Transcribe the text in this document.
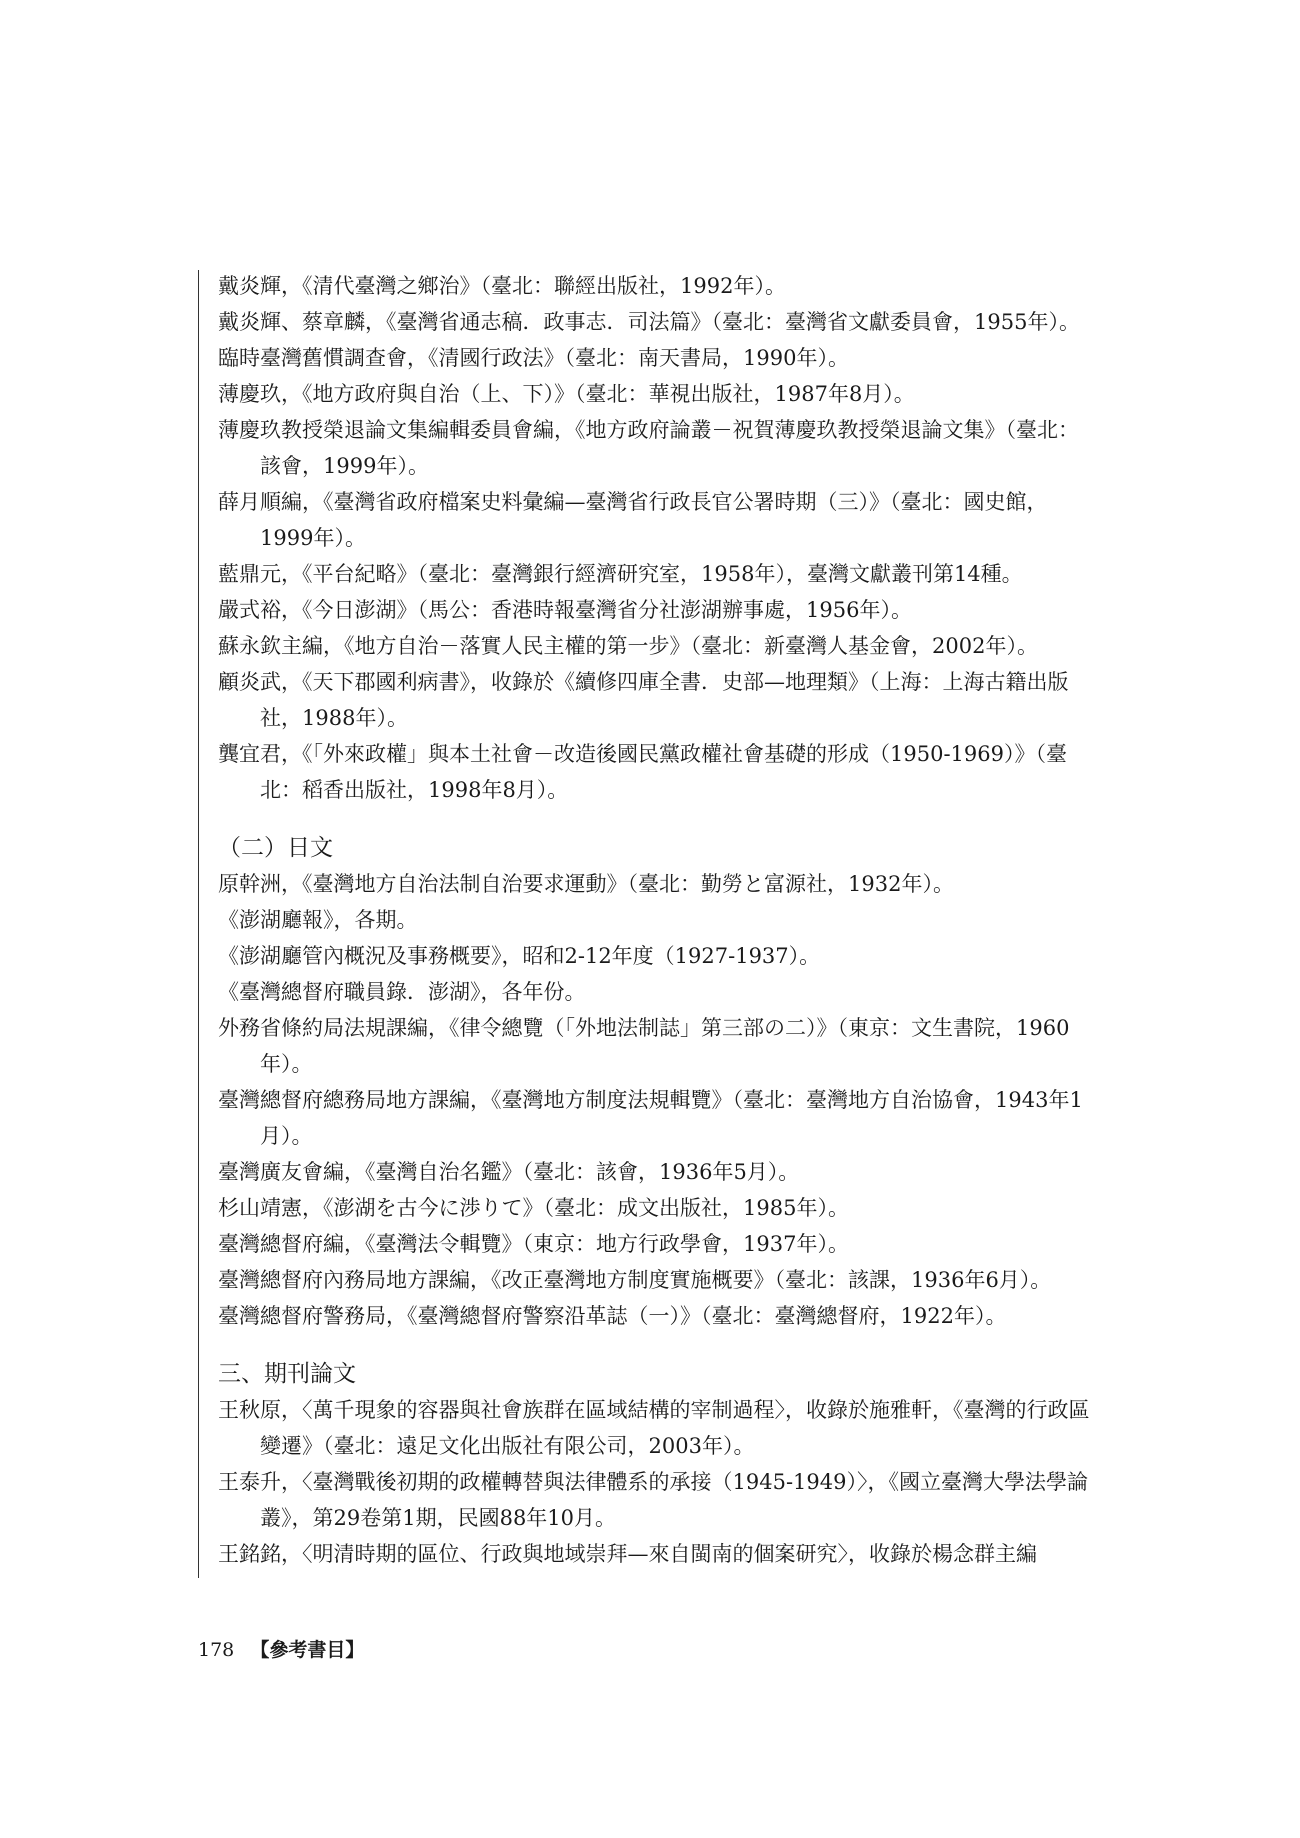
戴炎輝，《清代臺灣之鄉治》（臺北：聯經出版社，1992年）。

戴炎輝、蔡章麟，《臺灣省通志稿．政事志．司法篇》（臺北：臺灣省文獻委員會，1955年）。

臨時臺灣舊慣調查會，《清國行政法》（臺北：南天書局，1990年）。

薄慶玖，《地方政府與自治（上、下）》（臺北：華視出版社，1987年8月）。

薄慶玖教授榮退論文集編輯委員會編，《地方政府論叢－祝賀薄慶玖教授榮退論文集》（臺北：該會，1999年）。

薛月順編，《臺灣省政府檔案史料彙編—臺灣省行政長官公署時期（三）》（臺北：國史館，1999年）。

藍鼎元，《平台紀略》（臺北：臺灣銀行經濟研究室，1958年），臺灣文獻叢刊第14種。

嚴式裕，《今日澎湖》（馬公：香港時報臺灣省分社澎湖辦事處，1956年）。

蘇永欽主編，《地方自治－落實人民主權的第一步》（臺北：新臺灣人基金會，2002年）。

顧炎武，《天下郡國利病書》，收錄於《續修四庫全書．史部—地理類》（上海：上海古籍出版社，1988年）。

龔宜君，《「外來政權」與本土社會－改造後國民黨政權社會基礎的形成（1950-1969）》（臺北：稻香出版社，1998年8月）。

（二）日文

原幹洲，《臺灣地方自治法制自治要求運動》（臺北：勤勞と富源社，1932年）。

《澎湖廳報》，各期。

《澎湖廳管內概況及事務概要》，昭和2-12年度（1927-1937）。

《臺灣總督府職員錄．澎湖》，各年份。

外務省條約局法規課編，《律令總覽（「外地法制誌」第三部の二）》（東京：文生書院，1960年）。

臺灣總督府總務局地方課編，《臺灣地方制度法規輯覽》（臺北：臺灣地方自治協會，1943年1月）。

臺灣廣友會編，《臺灣自治名鑑》（臺北：該會，1936年5月）。

杉山靖憲，《澎湖を古今に渉りて》（臺北：成文出版社，1985年）。

臺灣總督府編，《臺灣法令輯覽》（東京：地方行政學會，1937年）。

臺灣總督府內務局地方課編，《改正臺灣地方制度實施概要》（臺北：該課，1936年6月）。

臺灣總督府警務局，《臺灣總督府警察沿革誌（一）》（臺北：臺灣總督府，1922年）。

三、期刊論文

王秋原，〈萬千現象的容器與社會族群在區域結構的宰制過程〉，收錄於施雅軒，《臺灣的行政區變遷》（臺北：遠足文化出版社有限公司，2003年）。

王泰升，〈臺灣戰後初期的政權轉替與法律體系的承接（1945-1949）〉，《國立臺灣大學法學論叢》，第29卷第1期，民國88年10月。

王銘銘，〈明清時期的區位、行政與地域崇拜—來自閩南的個案研究〉，收錄於楊念群主編

178 【參考書目】
